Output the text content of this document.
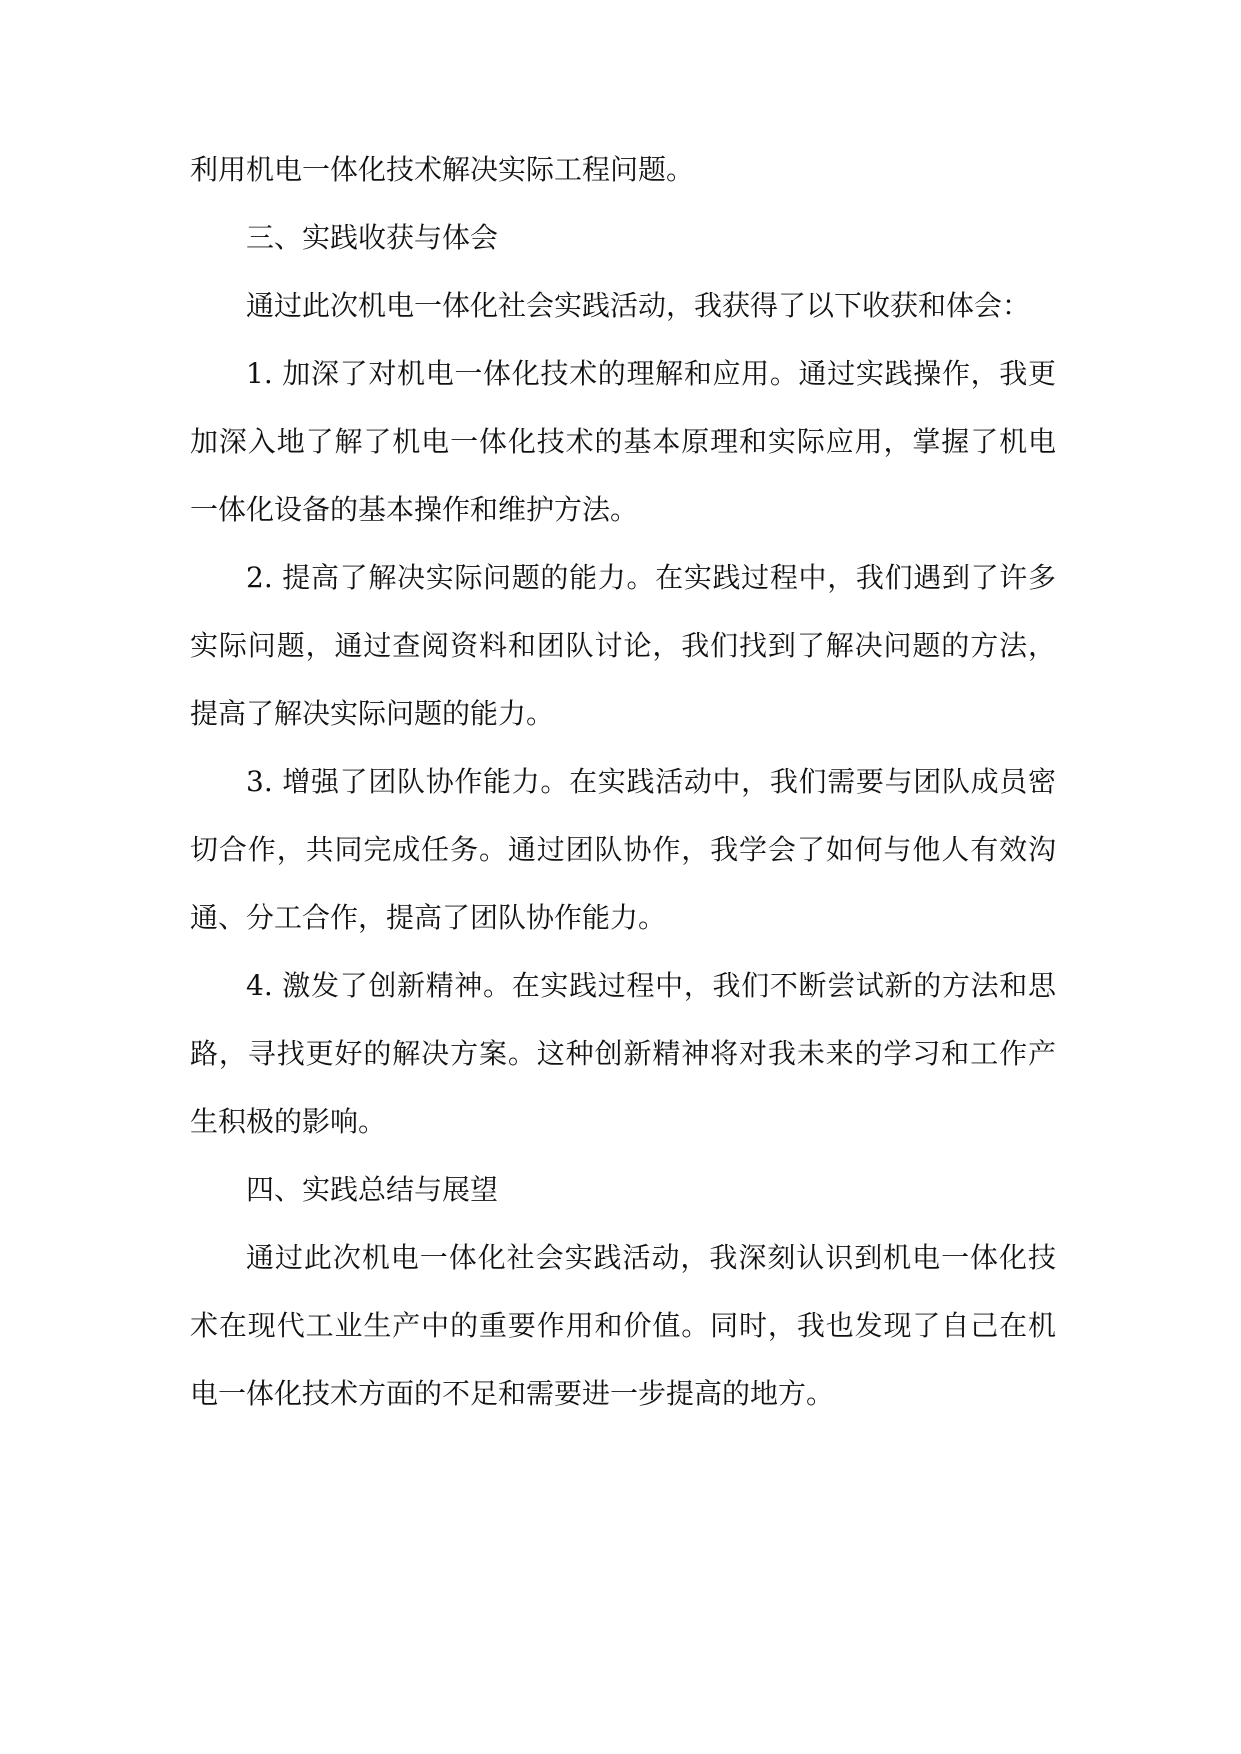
利用机电一体化技术解决实际工程问题。

三、实践收获与体会

通过此次机电一体化社会实践活动，我获得了以下收获和体会：

1. 加深了对机电一体化技术的理解和应用。通过实践操作，我更加深入地了解了机电一体化技术的基本原理和实际应用，掌握了机电一体化设备的基本操作和维护方法。

2. 提高了解决实际问题的能力。在实践过程中，我们遇到了许多实际问题，通过查阅资料和团队讨论，我们找到了解决问题的方法，提高了解决实际问题的能力。

3. 增强了团队协作能力。在实践活动中，我们需要与团队成员密切合作，共同完成任务。通过团队协作，我学会了如何与他人有效沟通、分工合作，提高了团队协作能力。

4. 激发了创新精神。在实践过程中，我们不断尝试新的方法和思路，寻找更好的解决方案。这种创新精神将对我未来的学习和工作产生积极的影响。

四、实践总结与展望

通过此次机电一体化社会实践活动，我深刻认识到机电一体化技术在现代工业生产中的重要作用和价值。同时，我也发现了自己在机电一体化技术方面的不足和需要进一步提高的地方。
